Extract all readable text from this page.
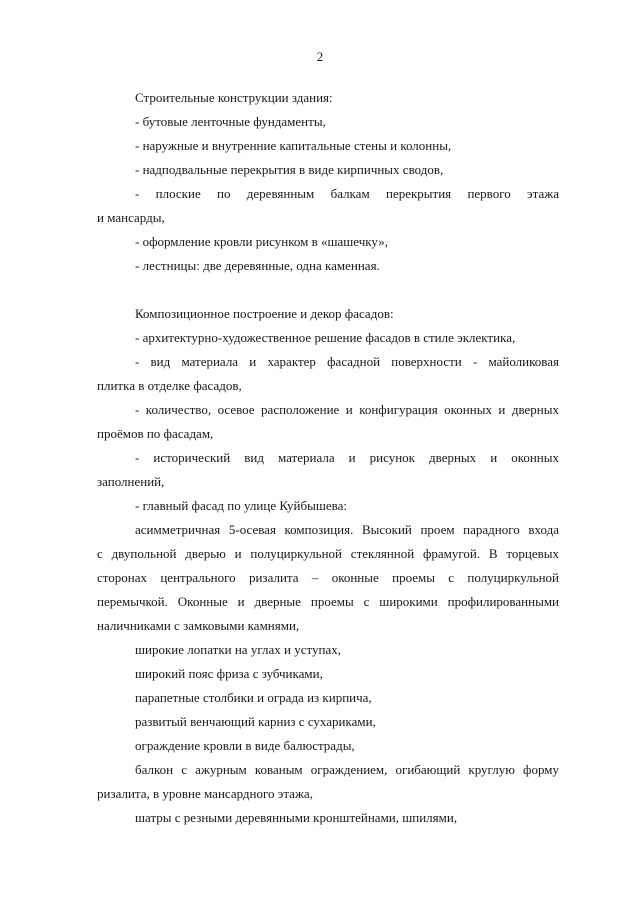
2
Строительные конструкции здания:
- бутовые ленточные фундаменты,
- наружные и внутренние капитальные стены и колонны,
- надподвальные перекрытия в виде кирпичных сводов,
- плоские по деревянным балкам перекрытия первого этажа
и мансарды,
- оформление кровли рисунком в «шашечку»,
- лестницы: две деревянные, одна каменная.
Композиционное построение и декор фасадов:
- архитектурно-художественное решение фасадов в стиле эклектика,
- вид материала и характер фасадной поверхности - майоликовая
плитка в отделке фасадов,
- количество, осевое расположение и конфигурация оконных и дверных
проёмов по фасадам,
- исторический вид материала и рисунок дверных и оконных
заполнений,
- главный фасад по улице Куйбышева:
асимметричная 5-осевая композиция. Высокий проем парадного входа
с двупольной дверью и полуциркульной стеклянной фрамугой. В торцевых
сторонах центрального ризалита – оконные проемы с полуциркульной
перемычкой. Оконные и дверные проемы с широкими профилированными
наличниками с замковыми камнями,
широкие лопатки на углах и уступах,
широкий пояс фриза с зубчиками,
парапетные столбики и ограда из кирпича,
развитый венчающий карниз с сухариками,
ограждение кровли в виде балюстрады,
балкон с ажурным кованым ограждением, огибающий круглую форму
ризалита, в уровне мансардного этажа,
шатры с резными деревянными кронштейнами, шпилями,
